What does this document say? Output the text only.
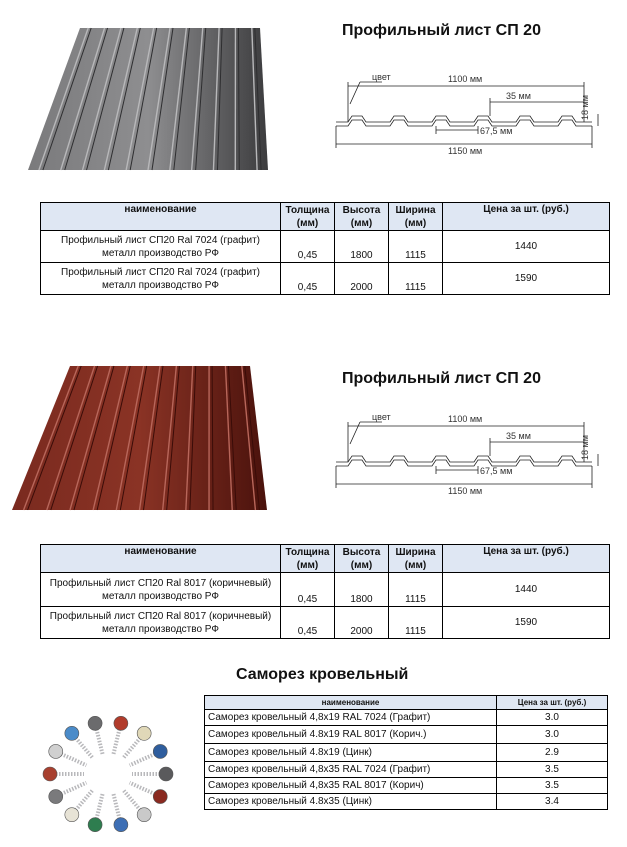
Профильный лист СП 20
цвет	1100 мм
35 мм
67,5 мм
1150 мм
18 мм
наименование	Толщина (мм)	Высота (мм)	Ширина (мм)	Цена за шт. (руб.)
Профильный лист СП20 Ral 7024 (графит) металл производство РФ	0,45	1800	1115	1440
Профильный лист СП20 Ral 7024 (графит) металл производство РФ	0,45	2000	1115	1590
Профильный лист СП 20
цвет	1100 мм
35 мм
67,5 мм
1150 мм
18 мм
наименование	Толщина (мм)	Высота (мм)	Ширина (мм)	Цена за шт. (руб.)
Профильный лист СП20 Ral 8017 (коричневый) металл производство РФ	0,45	1800	1115	1440
Профильный лист СП20 Ral 8017 (коричневый) металл производство РФ	0,45	2000	1115	1590
Саморез кровельный
наименование	Цена за шт. (руб.)
Саморез кровельный 4,8х19 RAL 7024 (Графит)	3.0
Саморез кровельный 4.8х19 RAL 8017 (Корич.)	3.0
Саморез кровельный 4.8х19 (Цинк)	2.9
Саморез кровельный 4,8х35 RAL 7024 (Графит)	3.5
Саморез кровельный 4,8х35 RAL 8017 (Корич)	3.5
Саморез кровельный 4.8х35 (Цинк)	3.4
